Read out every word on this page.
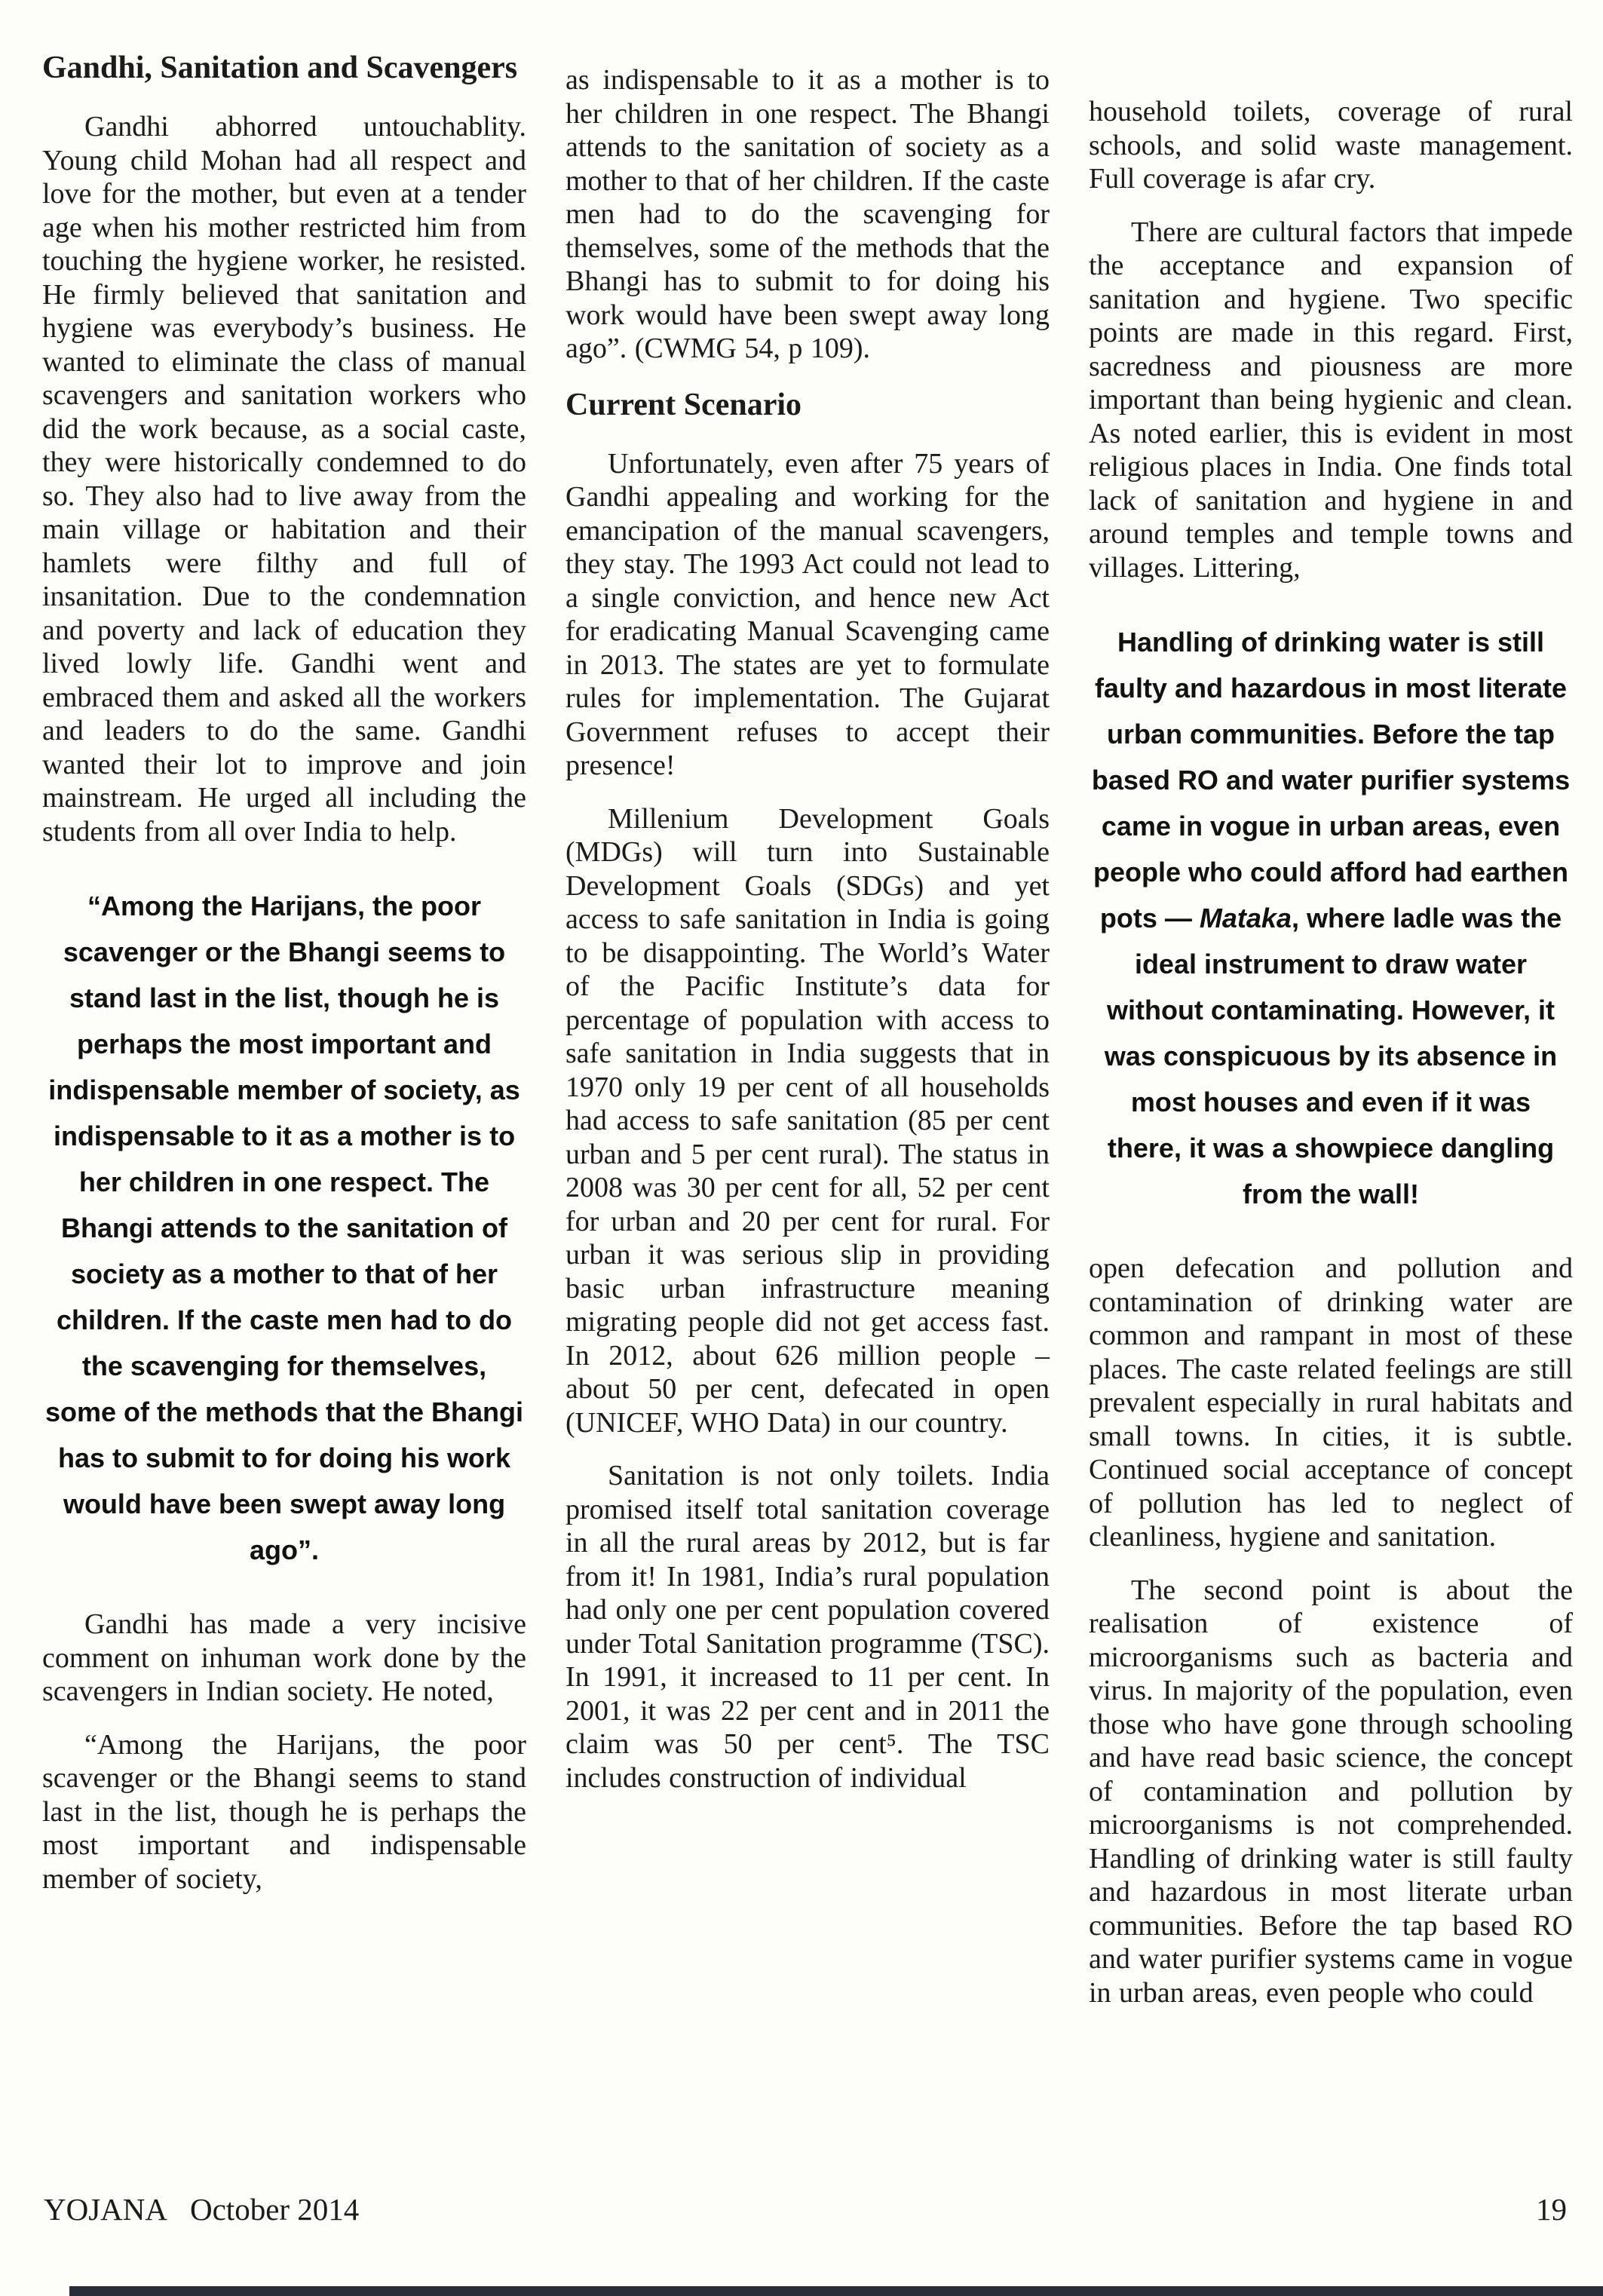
Gandhi, Sanitation and Scavengers
Gandhi abhorred untouchablity. Young child Mohan had all respect and love for the mother, but even at a tender age when his mother restricted him from touching the hygiene worker, he resisted. He firmly believed that sanitation and hygiene was everybody’s business. He wanted to eliminate the class of manual scavengers and sanitation workers who did the work because, as a social caste, they were historically condemned to do so. They also had to live away from the main village or habitation and their hamlets were filthy and full of insanitation. Due to the condemnation and poverty and lack of education they lived lowly life. Gandhi went and embraced them and asked all the workers and leaders to do the same. Gandhi wanted their lot to improve and join mainstream. He urged all including the students from all over India to help.
“Among the Harijans, the poor scavenger or the Bhangi seems to stand last in the list, though he is perhaps the most important and indispensable member of society, as indispensable to it as a mother is to her children in one respect. The Bhangi attends to the sanitation of society as a mother to that of her children. If the caste men had to do the scavenging for themselves, some of the methods that the Bhangi has to submit to for doing his work would have been swept away long ago”.
Gandhi has made a very incisive comment on inhuman work done by the scavengers in Indian society. He noted,
“Among the Harijans, the poor scavenger or the Bhangi seems to stand last in the list, though he is perhaps the most important and indispensable member of society,
as indispensable to it as a mother is to her children in one respect. The Bhangi attends to the sanitation of society as a mother to that of her children. If the caste men had to do the scavenging for themselves, some of the methods that the Bhangi has to submit to for doing his work would have been swept away long ago”. (CWMG 54, p 109).
Current Scenario
Unfortunately, even after 75 years of Gandhi appealing and working for the emancipation of the manual scavengers, they stay. The 1993 Act could not lead to a single conviction, and hence new Act for eradicating Manual Scavenging came in 2013. The states are yet to formulate rules for implementation. The Gujarat Government refuses to accept their presence!
Millenium Development Goals (MDGs) will turn into Sustainable Development Goals (SDGs) and yet access to safe sanitation in India is going to be disappointing. The World’s Water of the Pacific Institute’s data for percentage of population with access to safe sanitation in India suggests that in 1970 only 19 per cent of all households had access to safe sanitation (85 per cent urban and 5 per cent rural). The status in 2008 was 30 per cent for all, 52 per cent for urban and 20 per cent for rural. For urban it was serious slip in providing basic urban infrastructure meaning migrating people did not get access fast. In 2012, about 626 million people – about 50 per cent, defecated in open (UNICEF, WHO Data) in our country.
Sanitation is not only toilets. India promised itself total sanitation coverage in all the rural areas by 2012, but is far from it! In 1981, India’s rural population had only one per cent population covered under Total Sanitation programme (TSC). In 1991, it increased to 11 per cent. In 2001, it was 22 per cent and in 2011 the claim was 50 per cent⁵. The TSC includes construction of individual
household toilets, coverage of rural schools, and solid waste management. Full coverage is afar cry.
There are cultural factors that impede the acceptance and expansion of sanitation and hygiene. Two specific points are made in this regard. First, sacredness and piousness are more important than being hygienic and clean. As noted earlier, this is evident in most religious places in India. One finds total lack of sanitation and hygiene in and around temples and temple towns and villages. Littering,
Handling of drinking water is still faulty and hazardous in most literate urban communities. Before the tap based RO and water purifier systems came in vogue in urban areas, even people who could afford had earthen pots — Mataka, where ladle was the ideal instrument to draw water without contaminating. However, it was conspicuous by its absence in most houses and even if it was there, it was a showpiece dangling from the wall!
open defecation and pollution and contamination of drinking water are common and rampant in most of these places. The caste related feelings are still prevalent especially in rural habitats and small towns. In cities, it is subtle. Continued social acceptance of concept of pollution has led to neglect of cleanliness, hygiene and sanitation.
The second point is about the realisation of existence of microorganisms such as bacteria and virus. In majority of the population, even those who have gone through schooling and have read basic science, the concept of contamination and pollution by microorganisms is not comprehended. Handling of drinking water is still faulty and hazardous in most literate urban communities. Before the tap based RO and water purifier systems came in vogue in urban areas, even people who could
YOJANA October 2014	19
